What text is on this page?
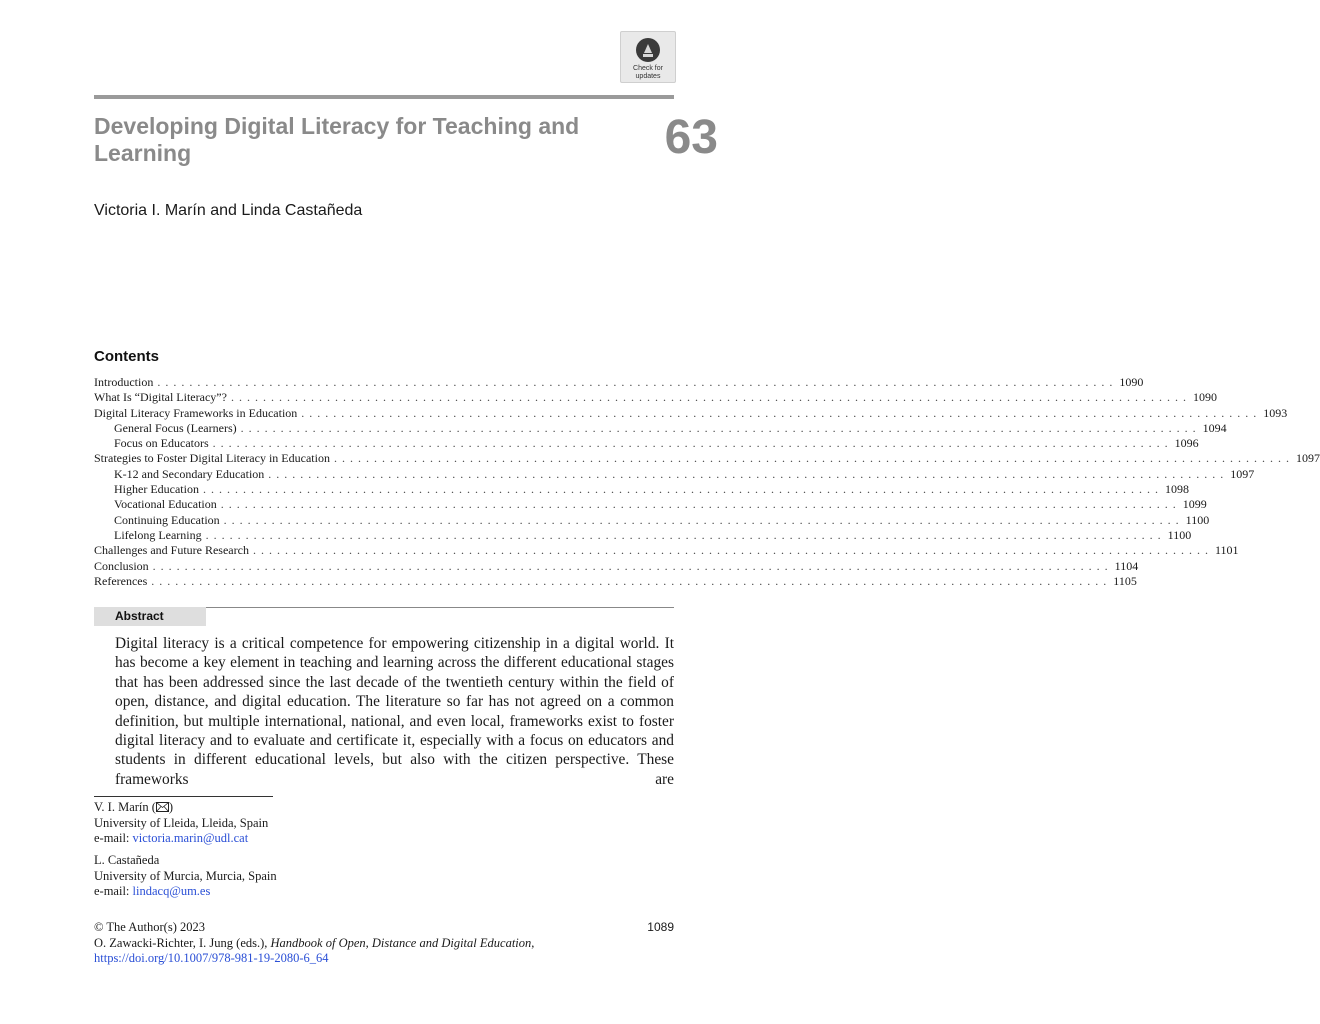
Check for
updates
Developing Digital Literacy for Teaching and Learning	63
Victoria I. Marín and Linda Castañeda
Contents
Introduction . . . . . . . . . . . . . . . . . . . . . . . . . . . . . . . . . . . . . . . . . . . . . . . . . . . . . . . . . . . . . . . . . . . . . . . . . . . . . . . . . . . . . . . . . . . . . . . . . . . . . . . . . . . . . . . . . . . . . . . . 1090
What Is “Digital Literacy”? . . . . . . . . . . . . . . . . . . . . . . . . . . . . . . . . . . . . . . . . . . . . . . . . . . . . . . . . . . . . . . . . . . . . . . . . . . . . . . . . . . . . . . . . . . . . . . . . . . . . . . . . . . . . . . . . . . . . . . . . 1090
Digital Literacy Frameworks in Education . . . . . . . . . . . . . . . . . . . . . . . . . . . . . . . . . . . . . . . . . . . . . . . . . . . . . . . . . . . . . . . . . . . . . . . . . . . . . . . . . . . . . . . . . . . . . . . . . . . . . . . . . . . . . . . . . . . . . . . . 1093
General Focus (Learners) . . . . . . . . . . . . . . . . . . . . . . . . . . . . . . . . . . . . . . . . . . . . . . . . . . . . . . . . . . . . . . . . . . . . . . . . . . . . . . . . . . . . . . . . . . . . . . . . . . . . . . . . . . . . . . . . . . . . . . . . 1094
Focus on Educators . . . . . . . . . . . . . . . . . . . . . . . . . . . . . . . . . . . . . . . . . . . . . . . . . . . . . . . . . . . . . . . . . . . . . . . . . . . . . . . . . . . . . . . . . . . . . . . . . . . . . . . . . . . . . . . . . . . . . . . . 1096
Strategies to Foster Digital Literacy in Education . . . . . . . . . . . . . . . . . . . . . . . . . . . . . . . . . . . . . . . . . . . . . . . . . . . . . . . . . . . . . . . . . . . . . . . . . . . . . . . . . . . . . . . . . . . . . . . . . . . . . . . . . . . . . . . . . . . . . . . . 1097
K-12 and Secondary Education . . . . . . . . . . . . . . . . . . . . . . . . . . . . . . . . . . . . . . . . . . . . . . . . . . . . . . . . . . . . . . . . . . . . . . . . . . . . . . . . . . . . . . . . . . . . . . . . . . . . . . . . . . . . . . . . . . . . . . . . 1097
Higher Education . . . . . . . . . . . . . . . . . . . . . . . . . . . . . . . . . . . . . . . . . . . . . . . . . . . . . . . . . . . . . . . . . . . . . . . . . . . . . . . . . . . . . . . . . . . . . . . . . . . . . . . . . . . . . . . . . . . . . . . . 1098
Vocational Education . . . . . . . . . . . . . . . . . . . . . . . . . . . . . . . . . . . . . . . . . . . . . . . . . . . . . . . . . . . . . . . . . . . . . . . . . . . . . . . . . . . . . . . . . . . . . . . . . . . . . . . . . . . . . . . . . . . . . . . . 1099
Continuing Education . . . . . . . . . . . . . . . . . . . . . . . . . . . . . . . . . . . . . . . . . . . . . . . . . . . . . . . . . . . . . . . . . . . . . . . . . . . . . . . . . . . . . . . . . . . . . . . . . . . . . . . . . . . . . . . . . . . . . . . . 1100
Lifelong Learning . . . . . . . . . . . . . . . . . . . . . . . . . . . . . . . . . . . . . . . . . . . . . . . . . . . . . . . . . . . . . . . . . . . . . . . . . . . . . . . . . . . . . . . . . . . . . . . . . . . . . . . . . . . . . . . . . . . . . . . . 1100
Challenges and Future Research . . . . . . . . . . . . . . . . . . . . . . . . . . . . . . . . . . . . . . . . . . . . . . . . . . . . . . . . . . . . . . . . . . . . . . . . . . . . . . . . . . . . . . . . . . . . . . . . . . . . . . . . . . . . . . . . . . . . . . . . 1101
Conclusion . . . . . . . . . . . . . . . . . . . . . . . . . . . . . . . . . . . . . . . . . . . . . . . . . . . . . . . . . . . . . . . . . . . . . . . . . . . . . . . . . . . . . . . . . . . . . . . . . . . . . . . . . . . . . . . . . . . . . . . . 1104
References . . . . . . . . . . . . . . . . . . . . . . . . . . . . . . . . . . . . . . . . . . . . . . . . . . . . . . . . . . . . . . . . . . . . . . . . . . . . . . . . . . . . . . . . . . . . . . . . . . . . . . . . . . . . . . . . . . . . . . . . 1105
Abstract

Digital literacy is a critical competence for empowering citizenship in a digital world. It has become a key element in teaching and learning across the different educational stages that has been addressed since the last decade of the twentieth century within the field of open, distance, and digital education. The literature so far has not agreed on a common definition, but multiple international, national, and even local, frameworks exist to foster digital literacy and to evaluate and certificate it, especially with a focus on educators and students in different educational levels, but also with the citizen perspective. These frameworks are

V. I. Marín ( )
University of Lleida, Lleida, Spain
e-mail: victoria.marin@udl.cat
L. Castañeda
University of Murcia, Murcia, Spain
e-mail: lindacq@um.es
© The Author(s) 2023
O. Zawacki-Richter, I. Jung (eds.), Handbook of Open, Distance and Digital Education,
https://doi.org/10.1007/978-981-19-2080-6_64
1089
